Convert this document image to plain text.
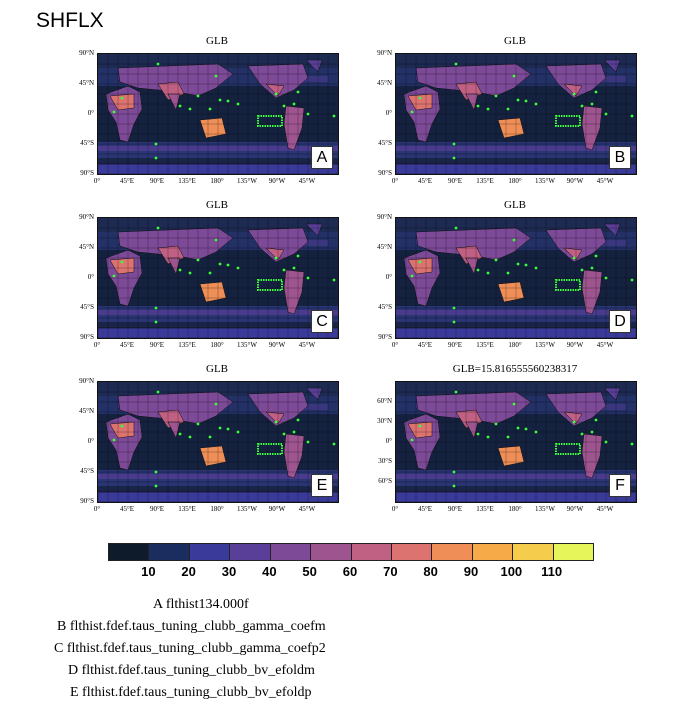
SHFLX
GLB
90°N
45°N
0°
45°S
90°S
0°	45°E	90°E	135°E	180°	135°W	90°W	45°W
A
GLB
90°N
45°N
0°
45°S
90°S
0°	45°E	90°E	135°E	180°	135°W	90°W	45°W
B
GLB
90°N
45°N
0°
45°S
90°S
0°	45°E	90°E	135°E	180°	135°W	90°W	45°W
C
GLB
90°N
45°N
0°
45°S
90°S
0°	45°E	90°E	135°E	180°	135°W	90°W	45°W
D
GLB
90°N
45°N
0°
45°S
90°S
0°	45°E	90°E	135°E	180°	135°W	90°W	45°W
E
GLB=15.816555560238317
60°N
30°N
0°
30°S
60°S
0°	45°E	90°E	135°E	180°	135°W	90°W	45°W
F
10	20	30	40	50	60	70	80	90	100	110
A flthist134.000f
B flthist.fdef.taus_tuning_clubb_gamma_coefm
C flthist.fdef.taus_tuning_clubb_gamma_coefp2
D flthist.fdef.taus_tuning_clubb_bv_efoldm
E flthist.fdef.taus_tuning_clubb_bv_efoldp
